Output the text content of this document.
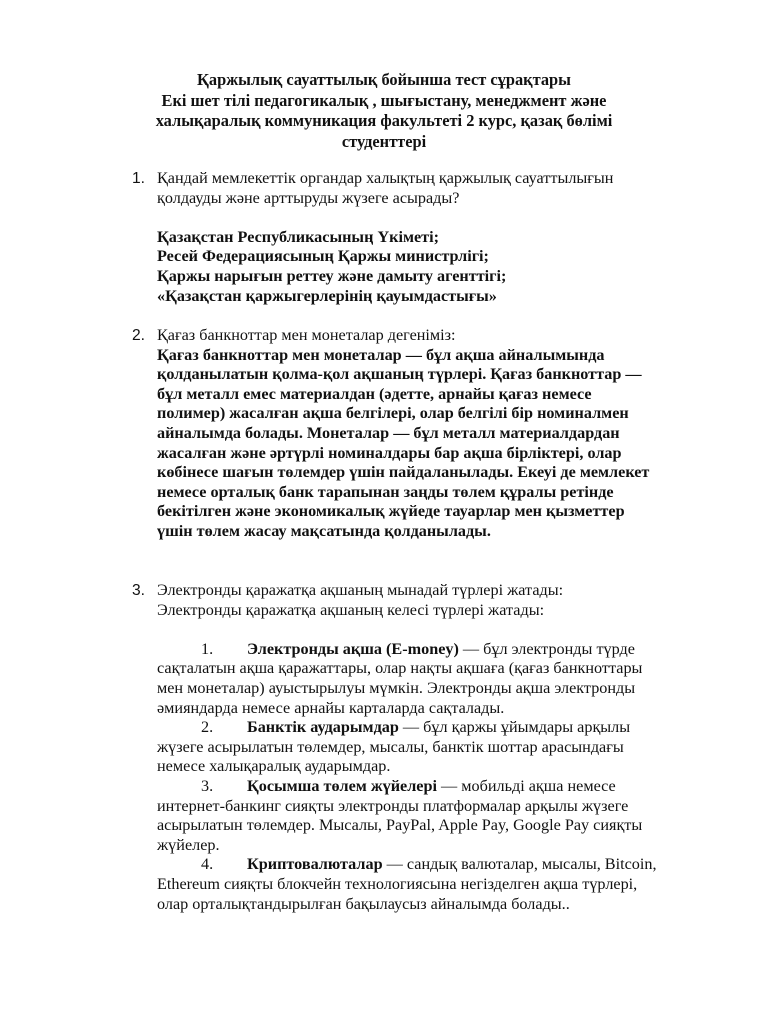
Қаржылық сауаттылық бойынша тест сұрақтары
Екі шет тілі педагогикалық , шығыстану, менеджмент және
халықаралық коммуникация факультеті 2 курс, қазақ бөлімі
студенттері
1. Қандай мемлекеттік органдар халықтың қаржылық сауаттылығын
қолдауды және арттыруды жүзеге асырады?
Қазақстан Республикасының Үкіметі;
Ресей Федерациясының Қаржы министрлігі;
Қаржы нарығын реттеу және дамыту агенттігі;
«Қазақстан қаржыгерлерінің қауымдастығы»
2. Қағаз банкноттар мен монеталар дегеніміз:
Қағаз банкноттар мен монеталар — бұл ақша айналымында
қолданылатын қолма-қол ақшаның түрлері. Қағаз банкноттар —
бұл металл емес материалдан (әдетте, арнайы қағаз немесе
полимер) жасалған ақша белгілері, олар белгілі бір номиналмен
айналымда болады. Монеталар — бұл металл материалдардан
жасалған және әртүрлі номиналдары бар ақша бірліктері, олар
көбінесе шағын төлемдер үшін пайдаланылады. Екеуі де мемлекет
немесе орталық банк тарапынан заңды төлем құралы ретінде
бекітілген және экономикалық жүйеде тауарлар мен қызметтер
үшін төлем жасау мақсатында қолданылады.
3. Электронды қаражатқа ақшаның мынадай түрлері жатады:
Электронды қаражатқа ақшаның келесі түрлері жатады:
1. Электронды ақша (E-money) — бұл электронды түрде
сақталатын ақша қаражаттары, олар нақты ақшаға (қағаз банкноттары
мен монеталар) ауыстырылуы мүмкін. Электронды ақша электронды
әмияндарда немесе арнайы карталарда сақталады.
2. Банктік аударымдар — бұл қаржы ұйымдары арқылы
жүзеге асырылатын төлемдер, мысалы, банктік шоттар арасындағы
немесе халықаралық аударымдар.
3. Қосымша төлем жүйелері — мобильді ақша немесе
интернет-банкинг сияқты электронды платформалар арқылы жүзеге
асырылатын төлемдер. Мысалы, PayPal, Apple Pay, Google Pay сияқты
жүйелер.
4. Криптовалюталар — сандық валюталар, мысалы, Bitcoin,
Ethereum сияқты блокчейн технологиясына негізделген ақша түрлері,
олар орталықтандырылған бақылаусыз айналымда болады..
